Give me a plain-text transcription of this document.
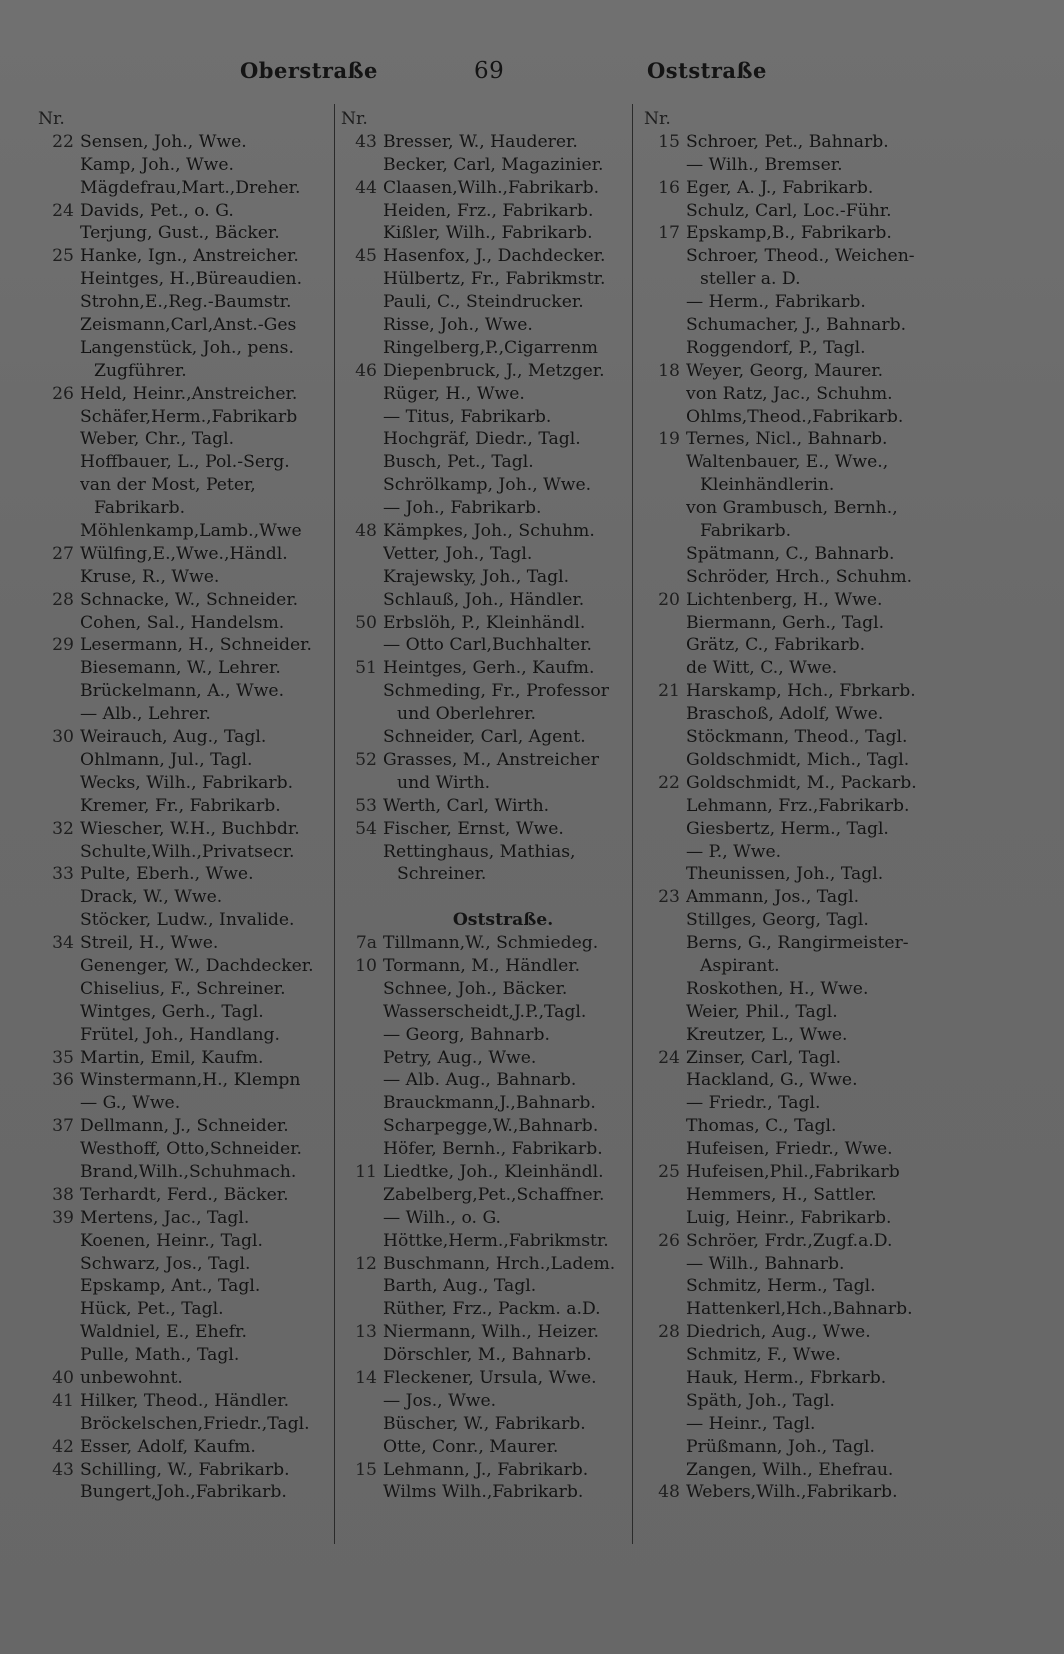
Oberstraße	69	Oststraße
Nr.
22 Sensen, Joh., Wwe.
Kamp, Joh., Wwe.
Mägdefrau,Mart.,Dreher.
24 Davids, Pet., o. G.
Terjung, Gust., Bäcker.
25 Hanke, Ign., Anstreicher.
Heintges, H.,Büreaudien.
Strohn,E.,Reg.-Baumstr.
Zeismann,Carl,Anst.-Ges
Langenstück, Joh., pens.
Zugführer.
26 Held, Heinr.,Anstreicher.
Schäfer,Herm.,Fabrikarb
Weber, Chr., Tagl.
Hoffbauer, L., Pol.-Serg.
van der Most, Peter,
Fabrikarb.
Möhlenkamp,Lamb.,Wwe
27 Wülfing,E.,Wwe.,Händl.
Kruse, R., Wwe.
28 Schnacke, W., Schneider.
Cohen, Sal., Handelsm.
29 Lesermann, H., Schneider.
Biesemann, W., Lehrer.
Brückelmann, A., Wwe.
— Alb., Lehrer.
30 Weirauch, Aug., Tagl.
Ohlmann, Jul., Tagl.
Wecks, Wilh., Fabrikarb.
Kremer, Fr., Fabrikarb.
32 Wiescher, W.H., Buchbdr.
Schulte,Wilh.,Privatsecr.
33 Pulte, Eberh., Wwe.
Drack, W., Wwe.
Stöcker, Ludw., Invalide.
34 Streil, H., Wwe.
Genenger, W., Dachdecker.
Chiselius, F., Schreiner.
Wintges, Gerh., Tagl.
Frütel, Joh., Handlang.
35 Martin, Emil, Kaufm.
36 Winstermann,H., Klempn
— G., Wwe.
37 Dellmann, J., Schneider.
Westhoff, Otto,Schneider.
Brand,Wilh.,Schuhmach.
38 Terhardt, Ferd., Bäcker.
39 Mertens, Jac., Tagl.
Koenen, Heinr., Tagl.
Schwarz, Jos., Tagl.
Epskamp, Ant., Tagl.
Hück, Pet., Tagl.
Waldniel, E., Ehefr.
Pulle, Math., Tagl.
40 unbewohnt.
41 Hilker, Theod., Händler.
Bröckelschen,Friedr.,Tagl.
42 Esser, Adolf, Kaufm.
43 Schilling, W., Fabrikarb.
Bungert,Joh.,Fabrikarb.
Nr.
43 Bresser, W., Hauderer.
Becker, Carl, Magazinier.
44 Claasen,Wilh.,Fabrikarb.
Heiden, Frz., Fabrikarb.
Kißler, Wilh., Fabrikarb.
45 Hasenfox, J., Dachdecker.
Hülbertz, Fr., Fabrikmstr.
Pauli, C., Steindrucker.
Risse, Joh., Wwe.
Ringelberg,P.,Cigarrenm
46 Diepenbruck, J., Metzger.
Rüger, H., Wwe.
— Titus, Fabrikarb.
Hochgräf, Diedr., Tagl.
Busch, Pet., Tagl.
Schrölkamp, Joh., Wwe.
— Joh., Fabrikarb.
48 Kämpkes, Joh., Schuhm.
Vetter, Joh., Tagl.
Krajewsky, Joh., Tagl.
Schlauß, Joh., Händler.
50 Erbslöh, P., Kleinhändl.
— Otto Carl,Buchhalter.
51 Heintges, Gerh., Kaufm.
Schmeding, Fr., Professor
und Oberlehrer.
Schneider, Carl, Agent.
52 Grasses, M., Anstreicher
und Wirth.
53 Werth, Carl, Wirth.
54 Fischer, Ernst, Wwe.
Rettinghaus, Mathias,
Schreiner.
Oststraße.
7a Tillmann,W., Schmiedeg.
10 Tormann, M., Händler.
Schnee, Joh., Bäcker.
Wasserscheidt,J.P.,Tagl.
— Georg, Bahnarb.
Petry, Aug., Wwe.
— Alb. Aug., Bahnarb.
Brauckmann,J.,Bahnarb.
Scharpegge,W.,Bahnarb.
Höfer, Bernh., Fabrikarb.
11 Liedtke, Joh., Kleinhändl.
Zabelberg,Pet.,Schaffner.
— Wilh., o. G.
Höttke,Herm.,Fabrikmstr.
12 Buschmann, Hrch.,Ladem.
Barth, Aug., Tagl.
Rüther, Frz., Packm. a.D.
13 Niermann, Wilh., Heizer.
Dörschler, M., Bahnarb.
14 Fleckener, Ursula, Wwe.
— Jos., Wwe.
Büscher, W., Fabrikarb.
Otte, Conr., Maurer.
15 Lehmann, J., Fabrikarb.
Wilms Wilh.,Fabrikarb.
Nr.
15 Schroer, Pet., Bahnarb.
— Wilh., Bremser.
16 Eger, A. J., Fabrikarb.
Schulz, Carl, Loc.-Führ.
17 Epskamp,B., Fabrikarb.
Schroer, Theod., Weichen-
steller a. D.
— Herm., Fabrikarb.
Schumacher, J., Bahnarb.
Roggendorf, P., Tagl.
18 Weyer, Georg, Maurer.
von Ratz, Jac., Schuhm.
Ohlms,Theod.,Fabrikarb.
19 Ternes, Nicl., Bahnarb.
Waltenbauer, E., Wwe.,
Kleinhändlerin.
von Grambusch, Bernh.,
Fabrikarb.
Spätmann, C., Bahnarb.
Schröder, Hrch., Schuhm.
20 Lichtenberg, H., Wwe.
Biermann, Gerh., Tagl.
Grätz, C., Fabrikarb.
de Witt, C., Wwe.
21 Harskamp, Hch., Fbrkarb.
Braschoß, Adolf, Wwe.
Stöckmann, Theod., Tagl.
Goldschmidt, Mich., Tagl.
22 Goldschmidt, M., Packarb.
Lehmann, Frz.,Fabrikarb.
Giesbertz, Herm., Tagl.
— P., Wwe.
Theunissen, Joh., Tagl.
23 Ammann, Jos., Tagl.
Stillges, Georg, Tagl.
Berns, G., Rangirmeister-
Aspirant.
Roskothen, H., Wwe.
Weier, Phil., Tagl.
Kreutzer, L., Wwe.
24 Zinser, Carl, Tagl.
Hackland, G., Wwe.
— Friedr., Tagl.
Thomas, C., Tagl.
Hufeisen, Friedr., Wwe.
25 Hufeisen,Phil.,Fabrikarb
Hemmers, H., Sattler.
Luig, Heinr., Fabrikarb.
26 Schröer, Frdr.,Zugf.a.D.
— Wilh., Bahnarb.
Schmitz, Herm., Tagl.
Hattenkerl,Hch.,Bahnarb.
28 Diedrich, Aug., Wwe.
Schmitz, F., Wwe.
Hauk, Herm., Fbrkarb.
Späth, Joh., Tagl.
— Heinr., Tagl.
Prüßmann, Joh., Tagl.
Zangen, Wilh., Ehefrau.
48 Webers,Wilh.,Fabrikarb.
